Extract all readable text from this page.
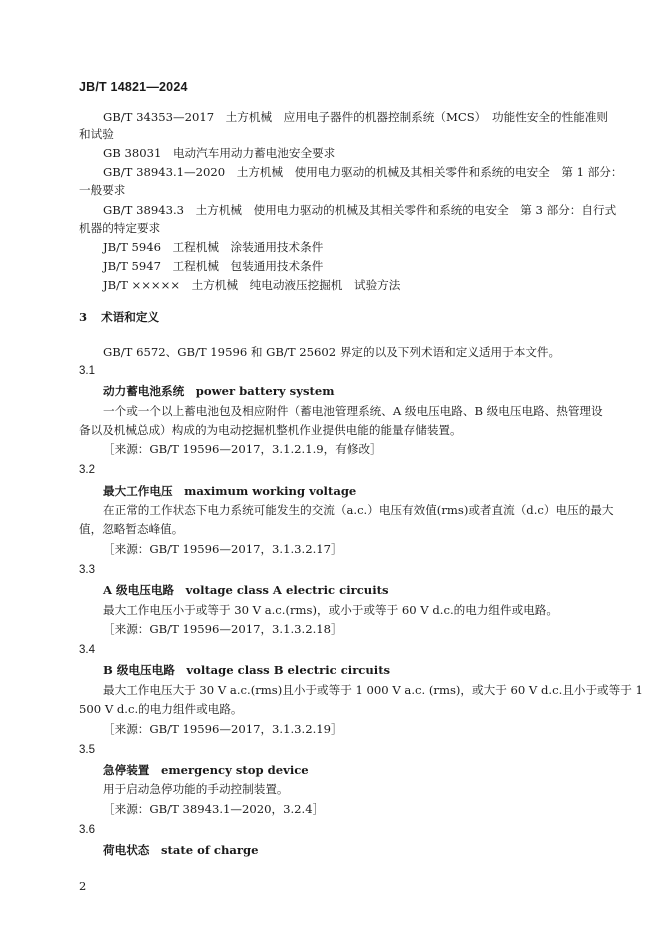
JB/T 14821—2024
GB/T 34353—2017　土方机械　应用电子器件的机器控制系统（MCS）　功能性安全的性能准则
和试验
GB 38031　电动汽车用动力蓄电池安全要求
GB/T 38943.1—2020　土方机械　使用电力驱动的机械及其相关零件和系统的电安全　第 1 部分：
一般要求
GB/T 38943.3　土方机械　使用电力驱动的机械及其相关零件和系统的电安全　第 3 部分：自行式
机器的特定要求
JB/T 5946　工程机械　涂装通用技术条件
JB/T 5947　工程机械　包装通用技术条件
JB/T ×××××　土方机械　纯电动液压挖掘机　试验方法
3 术语和定义
GB/T 6572、GB/T 19596 和 GB/T 25602 界定的以及下列术语和定义适用于本文件。
3.1
动力蓄电池系统　power battery system
一个或一个以上蓄电池包及相应附件（蓄电池管理系统、A 级电压电路、B 级电压电路、热管理设
备以及机械总成）构成的为电动挖掘机整机作业提供电能的能量存储装置。
［来源：GB/T 19596—2017，3.1.2.1.9，有修改］
3.2
最大工作电压　maximum working voltage
在正常的工作状态下电力系统可能发生的交流（a.c.）电压有效值(rms)或者直流（d.c）电压的最大
值，忽略暂态峰值。
［来源：GB/T 19596—2017，3.1.3.2.17］
3.3
A 级电压电路　voltage class A electric circuits
最大工作电压小于或等于 30 V a.c.(rms)，或小于或等于 60 V d.c.的电力组件或电路。
［来源：GB/T 19596—2017，3.1.3.2.18］
3.4
B 级电压电路　voltage class B electric circuits
最大工作电压大于 30 V a.c.(rms)且小于或等于 1 000 V a.c. (rms)，或大于 60 V d.c.且小于或等于 1
500 V d.c.的电力组件或电路。
［来源：GB/T 19596—2017，3.1.3.2.19］
3.5
急停装置　emergency stop device
用于启动急停功能的手动控制装置。
［来源：GB/T 38943.1—2020，3.2.4］
3.6
荷电状态　state of charge
2
